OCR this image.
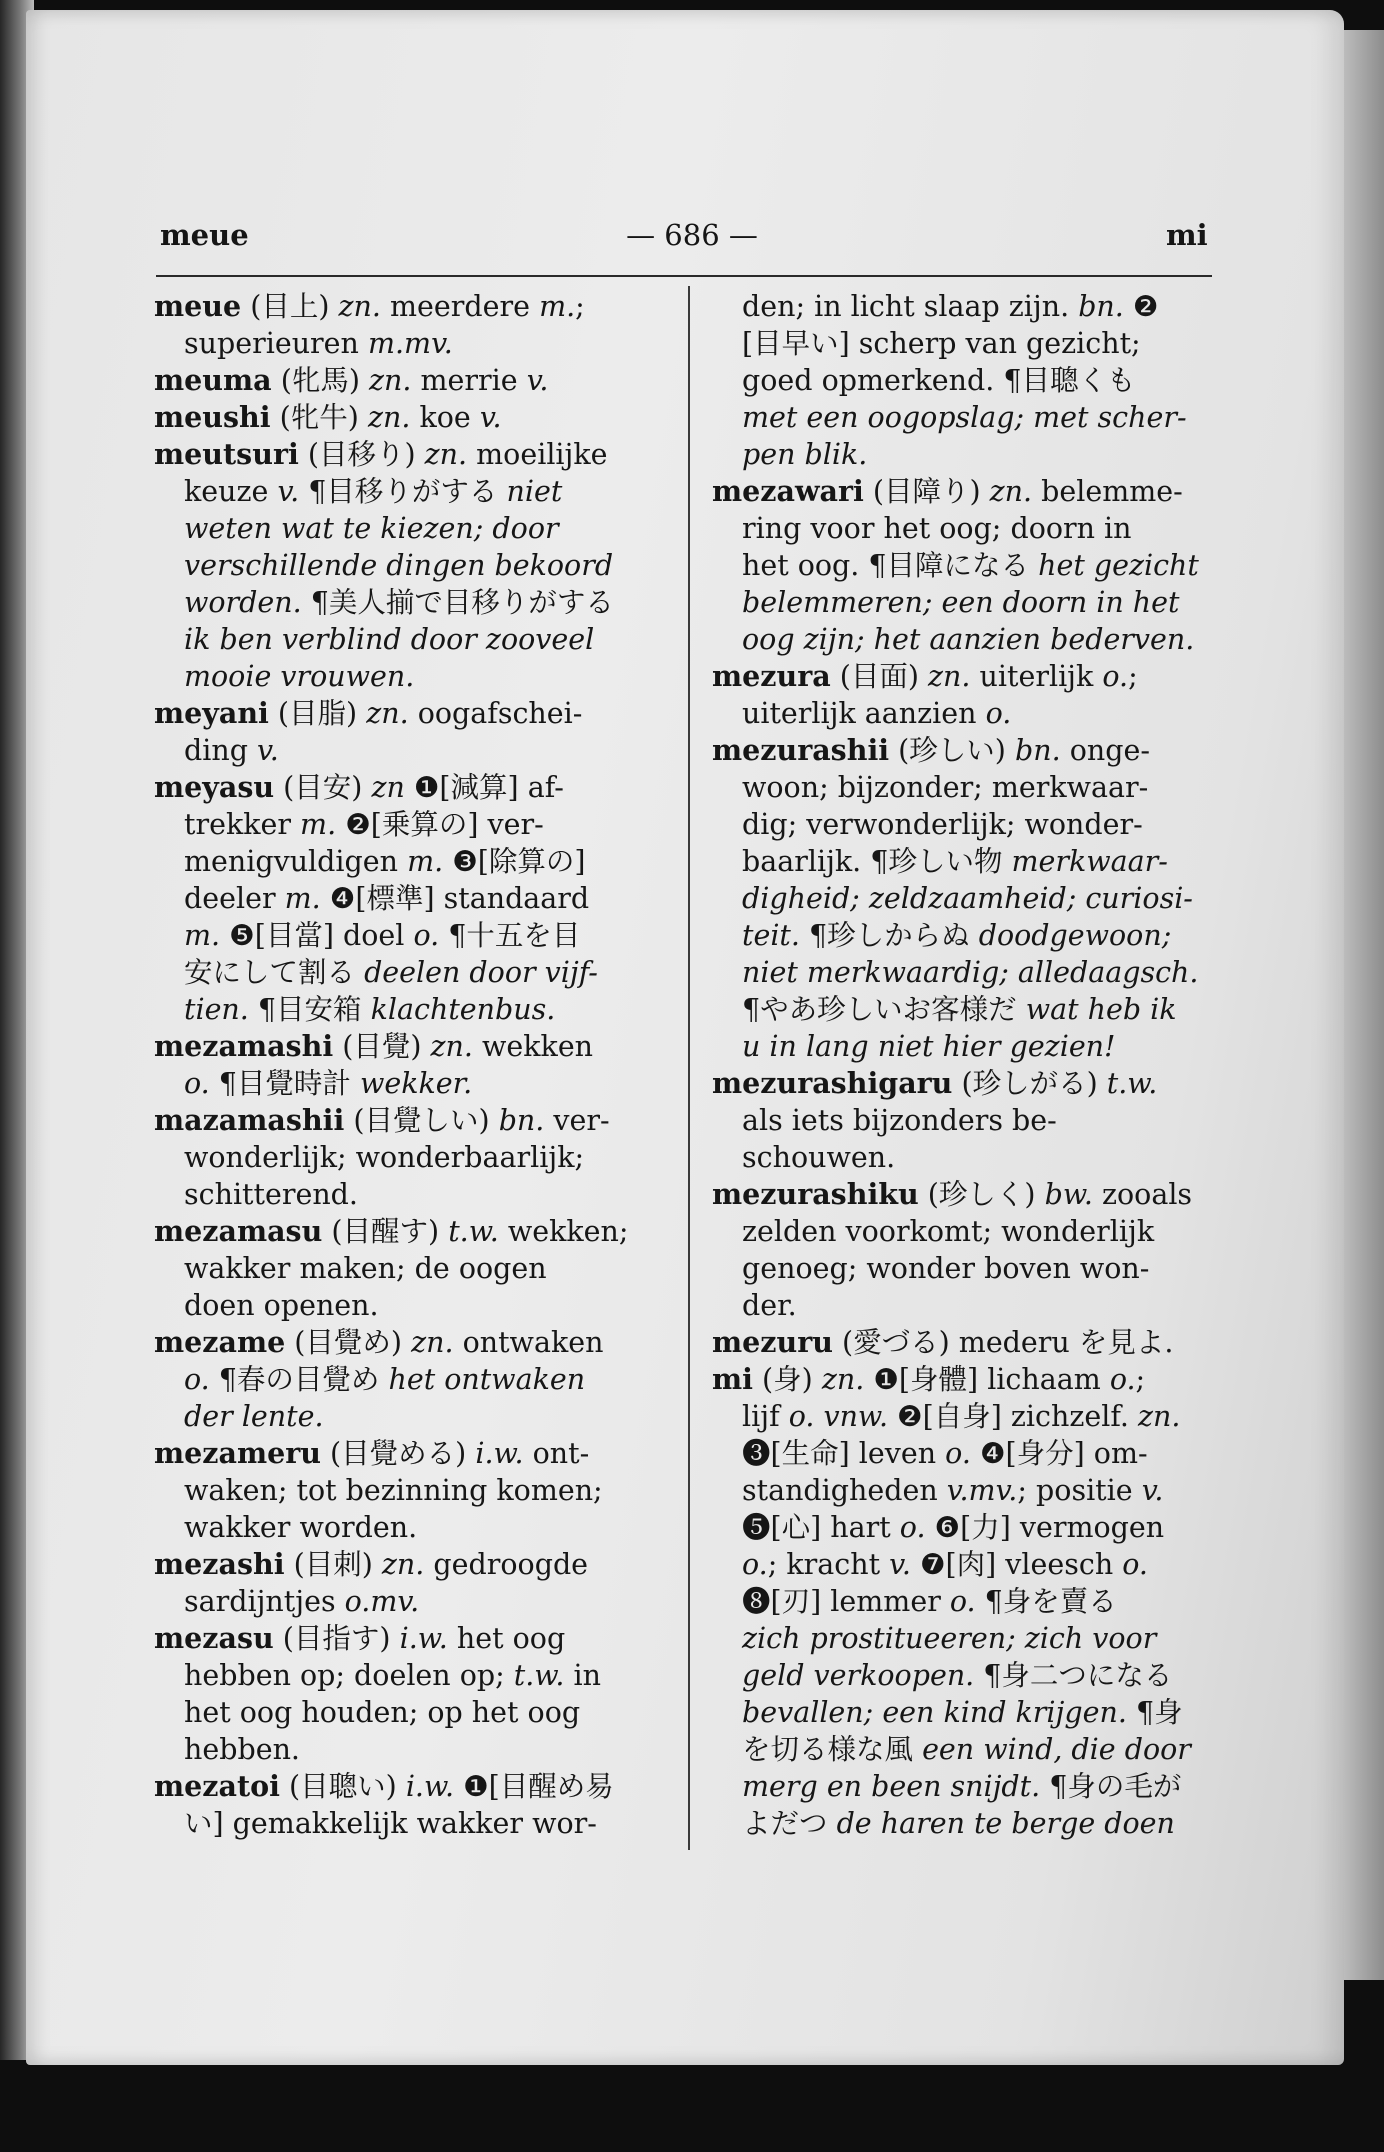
meue	— 686 —	mi
meue (目上) zn. meerdere m.;
superieuren m.mv.
meuma (牝馬) zn. merrie v.
meushi (牝牛) zn. koe v.
meutsuri (目移り) zn. moeilijke
keuze v. ¶目移りがする niet
weten wat te kiezen; door
verschillende dingen bekoord
worden. ¶美人揃で目移りがする
ik ben verblind door zooveel
mooie vrouwen.
meyani (目脂) zn. oogafschei-
ding v.
meyasu (目安) zn ❶[減算] af-
trekker m. ❷[乗算の] ver-
menigvuldigen m. ❸[除算の]
deeler m. ❹[標準] standaard
m. ❺[目當] doel o. ¶十五を目
安にして割る deelen door vijf-
tien. ¶目安箱 klachtenbus.
mezamashi (目覺) zn. wekken
o. ¶目覺時計 wekker.
mazamashii (目覺しい) bn. ver-
wonderlijk; wonderbaarlijk;
schitterend.
mezamasu (目醒す) t.w. wekken;
wakker maken; de oogen
doen openen.
mezame (目覺め) zn. ontwaken
o. ¶春の目覺め het ontwaken
der lente.
mezameru (目覺める) i.w. ont-
waken; tot bezinning komen;
wakker worden.
mezashi (目刺) zn. gedroogde
sardijntjes o.mv.
mezasu (目指す) i.w. het oog
hebben op; doelen op; t.w. in
het oog houden; op het oog
hebben.
mezatoi (目聰い) i.w. ❶[目醒め易
い] gemakkelijk wakker wor-
den; in licht slaap zijn. bn. ❷
[目早い] scherp van gezicht;
goed opmerkend. ¶目聰くも
met een oogopslag; met scher-
pen blik.
mezawari (目障り) zn. belemme-
ring voor het oog; doorn in
het oog. ¶目障になる het gezicht
belemmeren; een doorn in het
oog zijn; het aanzien bederven.
mezura (目面) zn. uiterlijk o.;
uiterlijk aanzien o.
mezurashii (珍しい) bn. onge-
woon; bijzonder; merkwaar-
dig; verwonderlijk; wonder-
baarlijk. ¶珍しい物 merkwaar-
digheid; zeldzaamheid; curiosi-
teit. ¶珍しからぬ doodgewoon;
niet merkwaardig; alledaagsch.
¶やあ珍しいお客様だ wat heb ik
u in lang niet hier gezien!
mezurashigaru (珍しがる) t.w.
als iets bijzonders be-
schouwen.
mezurashiku (珍しく) bw. zooals
zelden voorkomt; wonderlijk
genoeg; wonder boven won-
der.
mezuru (愛づる) mederu を見よ.
mi (身) zn. ❶[身體] lichaam o.;
lijf o. vnw. ❷[自身] zichzelf. zn.
❸[生命] leven o. ❹[身分] om-
standigheden v.mv.; positie v.
❺[心] hart o. ❻[力] vermogen
o.; kracht v. ❼[肉] vleesch o.
❽[刃] lemmer o. ¶身を賣る
zich prostitueeren; zich voor
geld verkoopen. ¶身二つになる
bevallen; een kind krijgen. ¶身
を切る様な風 een wind, die door
merg en been snijdt. ¶身の毛が
よだつ de haren te berge doen
